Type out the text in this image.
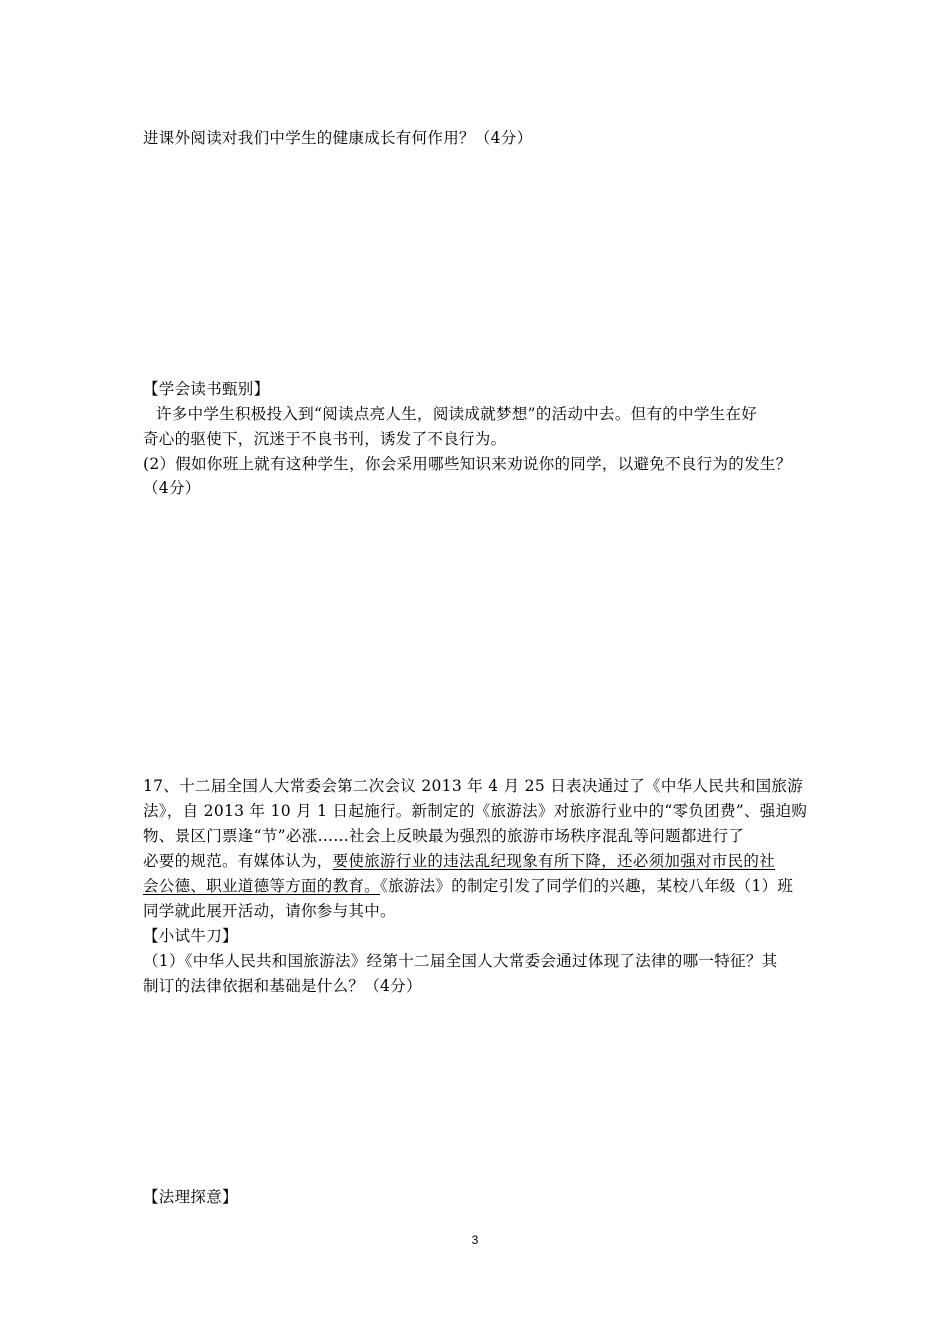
进课外阅读对我们中学生的健康成长有何作用？（4分）
【学会读书甄别】
许多中学生积极投入到“阅读点亮人生，阅读成就梦想”的活动中去。但有的中学生在好
奇心的驱使下，沉迷于不良书刊，诱发了不良行为。
(2）假如你班上就有这种学生，你会采用哪些知识来劝说你的同学，以避免不良行为的发生？
（4分）
17、十二届全国人大常委会第二次会议 2013 年 4 月 25 日表决通过了《中华人民共和国旅游
法》，自 2013 年 10 月 1 日起施行。新制定的《旅游法》对旅游行业中的“零负团费”、强迫购
物、景区门票逢“节”必涨……社会上反映最为强烈的旅游市场秩序混乱等问题都进行了
必要的规范。有媒体认为，要使旅游行业的违法乱纪现象有所下降，还必须加强对市民的社
会公德、职业道德等方面的教育。《旅游法》的制定引发了同学们的兴趣，某校八年级（1）班
同学就此展开活动，请你参与其中。
【小试牛刀】
（1）《中华人民共和国旅游法》经第十二届全国人大常委会通过体现了法律的哪一特征？其
制订的法律依据和基础是什么？（4分）
【法理探意】
3
